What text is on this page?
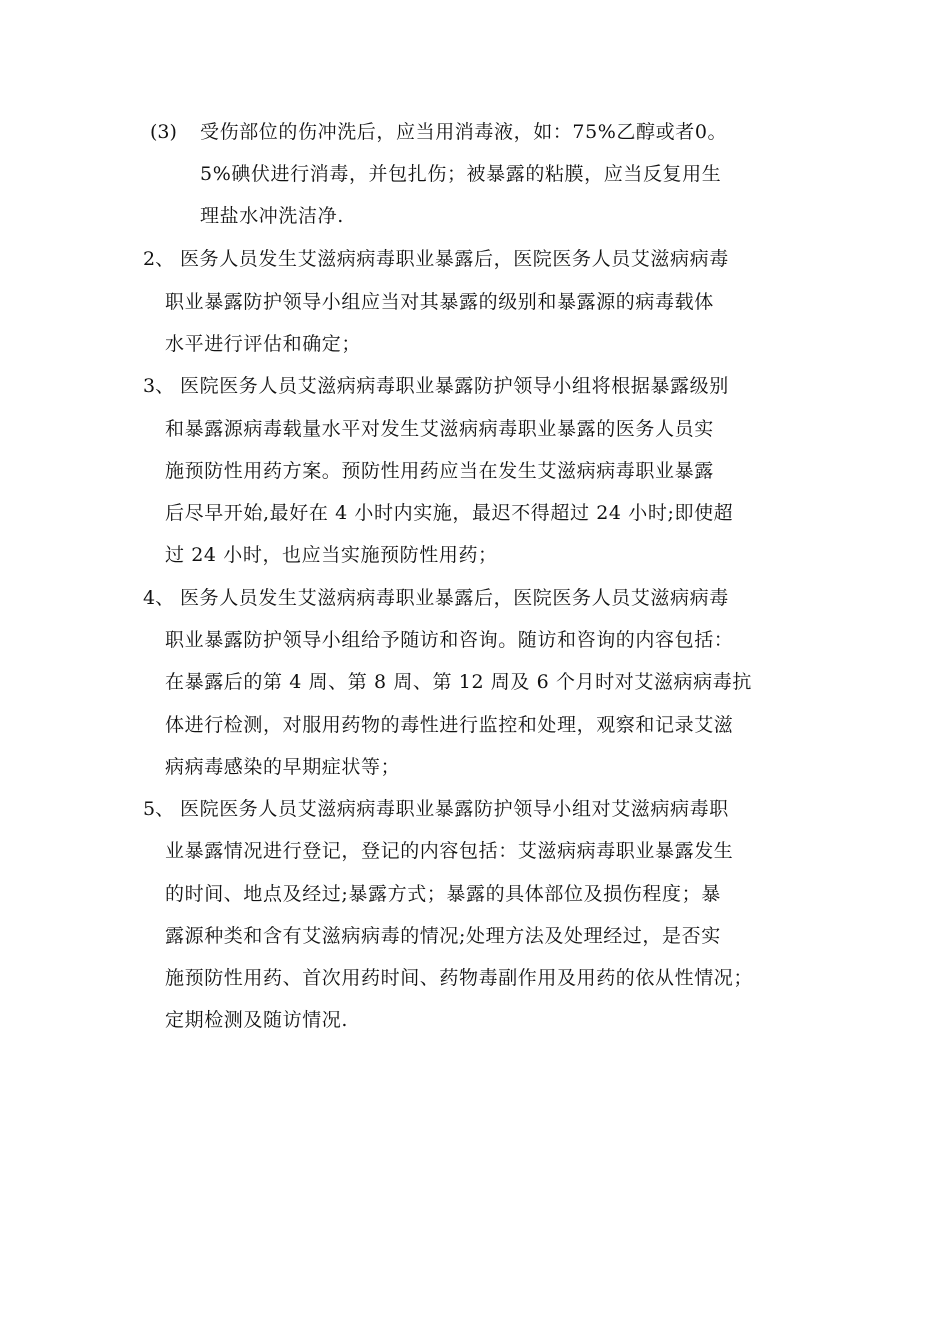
(3) 受伤部位的伤冲洗后，应当用消毒液，如：75%乙醇或者0。
5%碘伏进行消毒，并包扎伤；被暴露的粘膜，应当反复用生
理盐水冲洗洁净.
2、 医务人员发生艾滋病病毒职业暴露后，医院医务人员艾滋病病毒
职业暴露防护领导小组应当对其暴露的级别和暴露源的病毒载体
水平进行评估和确定；
3、 医院医务人员艾滋病病毒职业暴露防护领导小组将根据暴露级别
和暴露源病毒载量水平对发生艾滋病病毒职业暴露的医务人员实
施预防性用药方案。预防性用药应当在发生艾滋病病毒职业暴露
后尽早开始,最好在 4 小时内实施，最迟不得超过 24 小时;即使超
过 24 小时，也应当实施预防性用药；
4、 医务人员发生艾滋病病毒职业暴露后，医院医务人员艾滋病病毒
职业暴露防护领导小组给予随访和咨询。随访和咨询的内容包括：
在暴露后的第 4 周、第 8 周、第 12 周及 6 个月时对艾滋病病毒抗
体进行检测，对服用药物的毒性进行监控和处理，观察和记录艾滋
病病毒感染的早期症状等；
5、 医院医务人员艾滋病病毒职业暴露防护领导小组对艾滋病病毒职
业暴露情况进行登记，登记的内容包括：艾滋病病毒职业暴露发生
的时间、地点及经过;暴露方式；暴露的具体部位及损伤程度；暴
露源种类和含有艾滋病病毒的情况;处理方法及处理经过，是否实
施预防性用药、首次用药时间、药物毒副作用及用药的依从性情况；
定期检测及随访情况.
